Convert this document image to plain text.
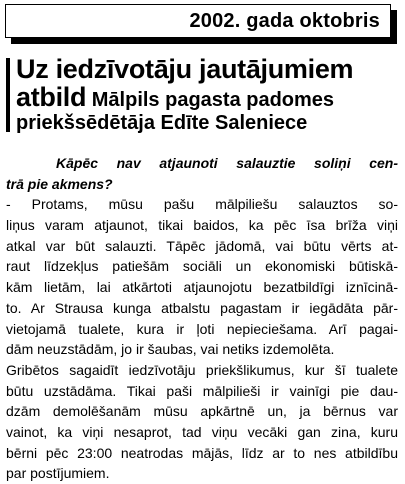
2002. gada oktobris
Uz iedzīvotāju jautājumiem
atbild Mālpils pagasta padomes
priekšsēdētāja Edīte Saleniece
Kāpēc nav atjaunoti salauztie soliņi cen-
trā pie akmens?
- Protams, mūsu pašu mālpiliešu salauztos so-
liņus varam atjaunot, tikai baidos, ka pēc īsa brīža viņi
atkal var būt salauzti. Tāpēc jādomā, vai būtu vērts at-
raut līdzekļus patiešām sociāli un ekonomiski būtiskā-
kām lietām, lai atkārtoti atjaunojotu bezatbildīgi iznīcinā-
to. Ar Strausa kunga atbalstu pagastam ir iegādāta pār-
vietojamā tualete, kura ir ļoti nepieciešama. Arī pagai-
dām neuzstādām, jo ir šaubas, vai netiks izdemolēta.
Gribētos sagaidīt iedzīvotāju priekšlikumus, kur šī tualete
būtu uzstādāma. Tikai paši mālpilieši ir vainīgi pie dau-
dzām demolēšanām mūsu apkārtnē un, ja bērnus var
vainot, ka viņi nesaprot, tad viņu vecāki gan zina, kuru
bērni pēc 23:00 neatrodas mājās, līdz ar to nes atbildību
par postījumiem.
